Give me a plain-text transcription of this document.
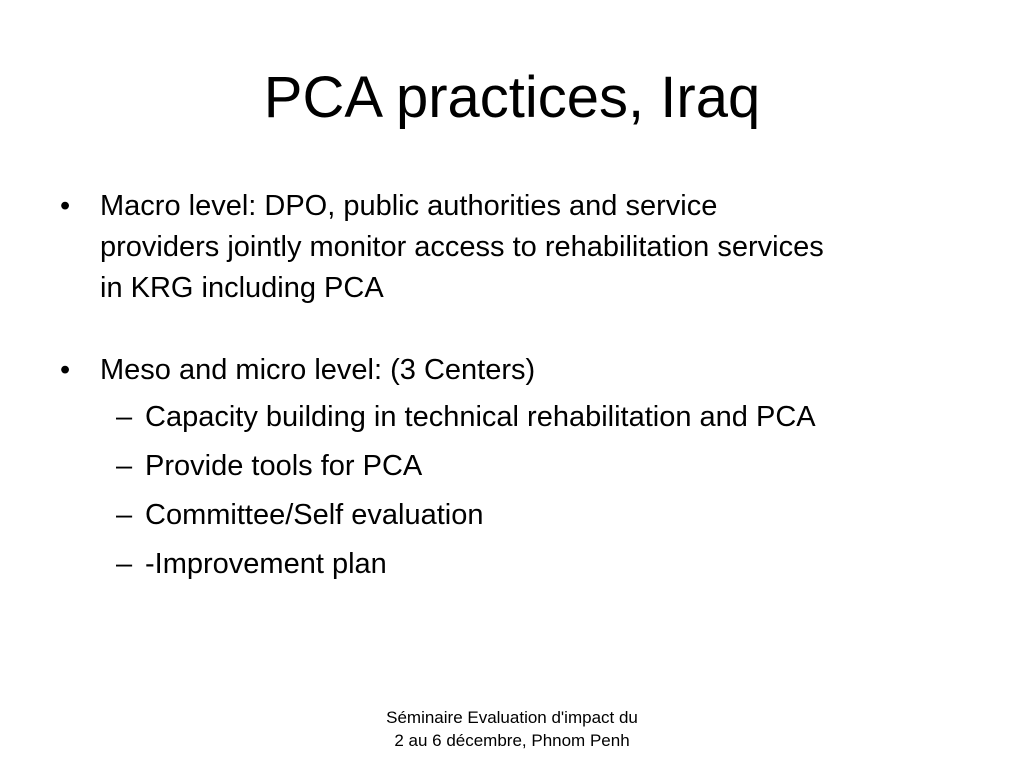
PCA practices, Iraq
• Macro level: DPO, public authorities and service
providers jointly monitor access to rehabilitation services
in KRG including PCA
• Meso and micro level: (3 Centers)
– Capacity building in technical rehabilitation and PCA
– Provide tools for PCA
– Committee/Self evaluation
– -Improvement plan
Séminaire Evaluation d'impact du
2 au 6 décembre, Phnom Penh
